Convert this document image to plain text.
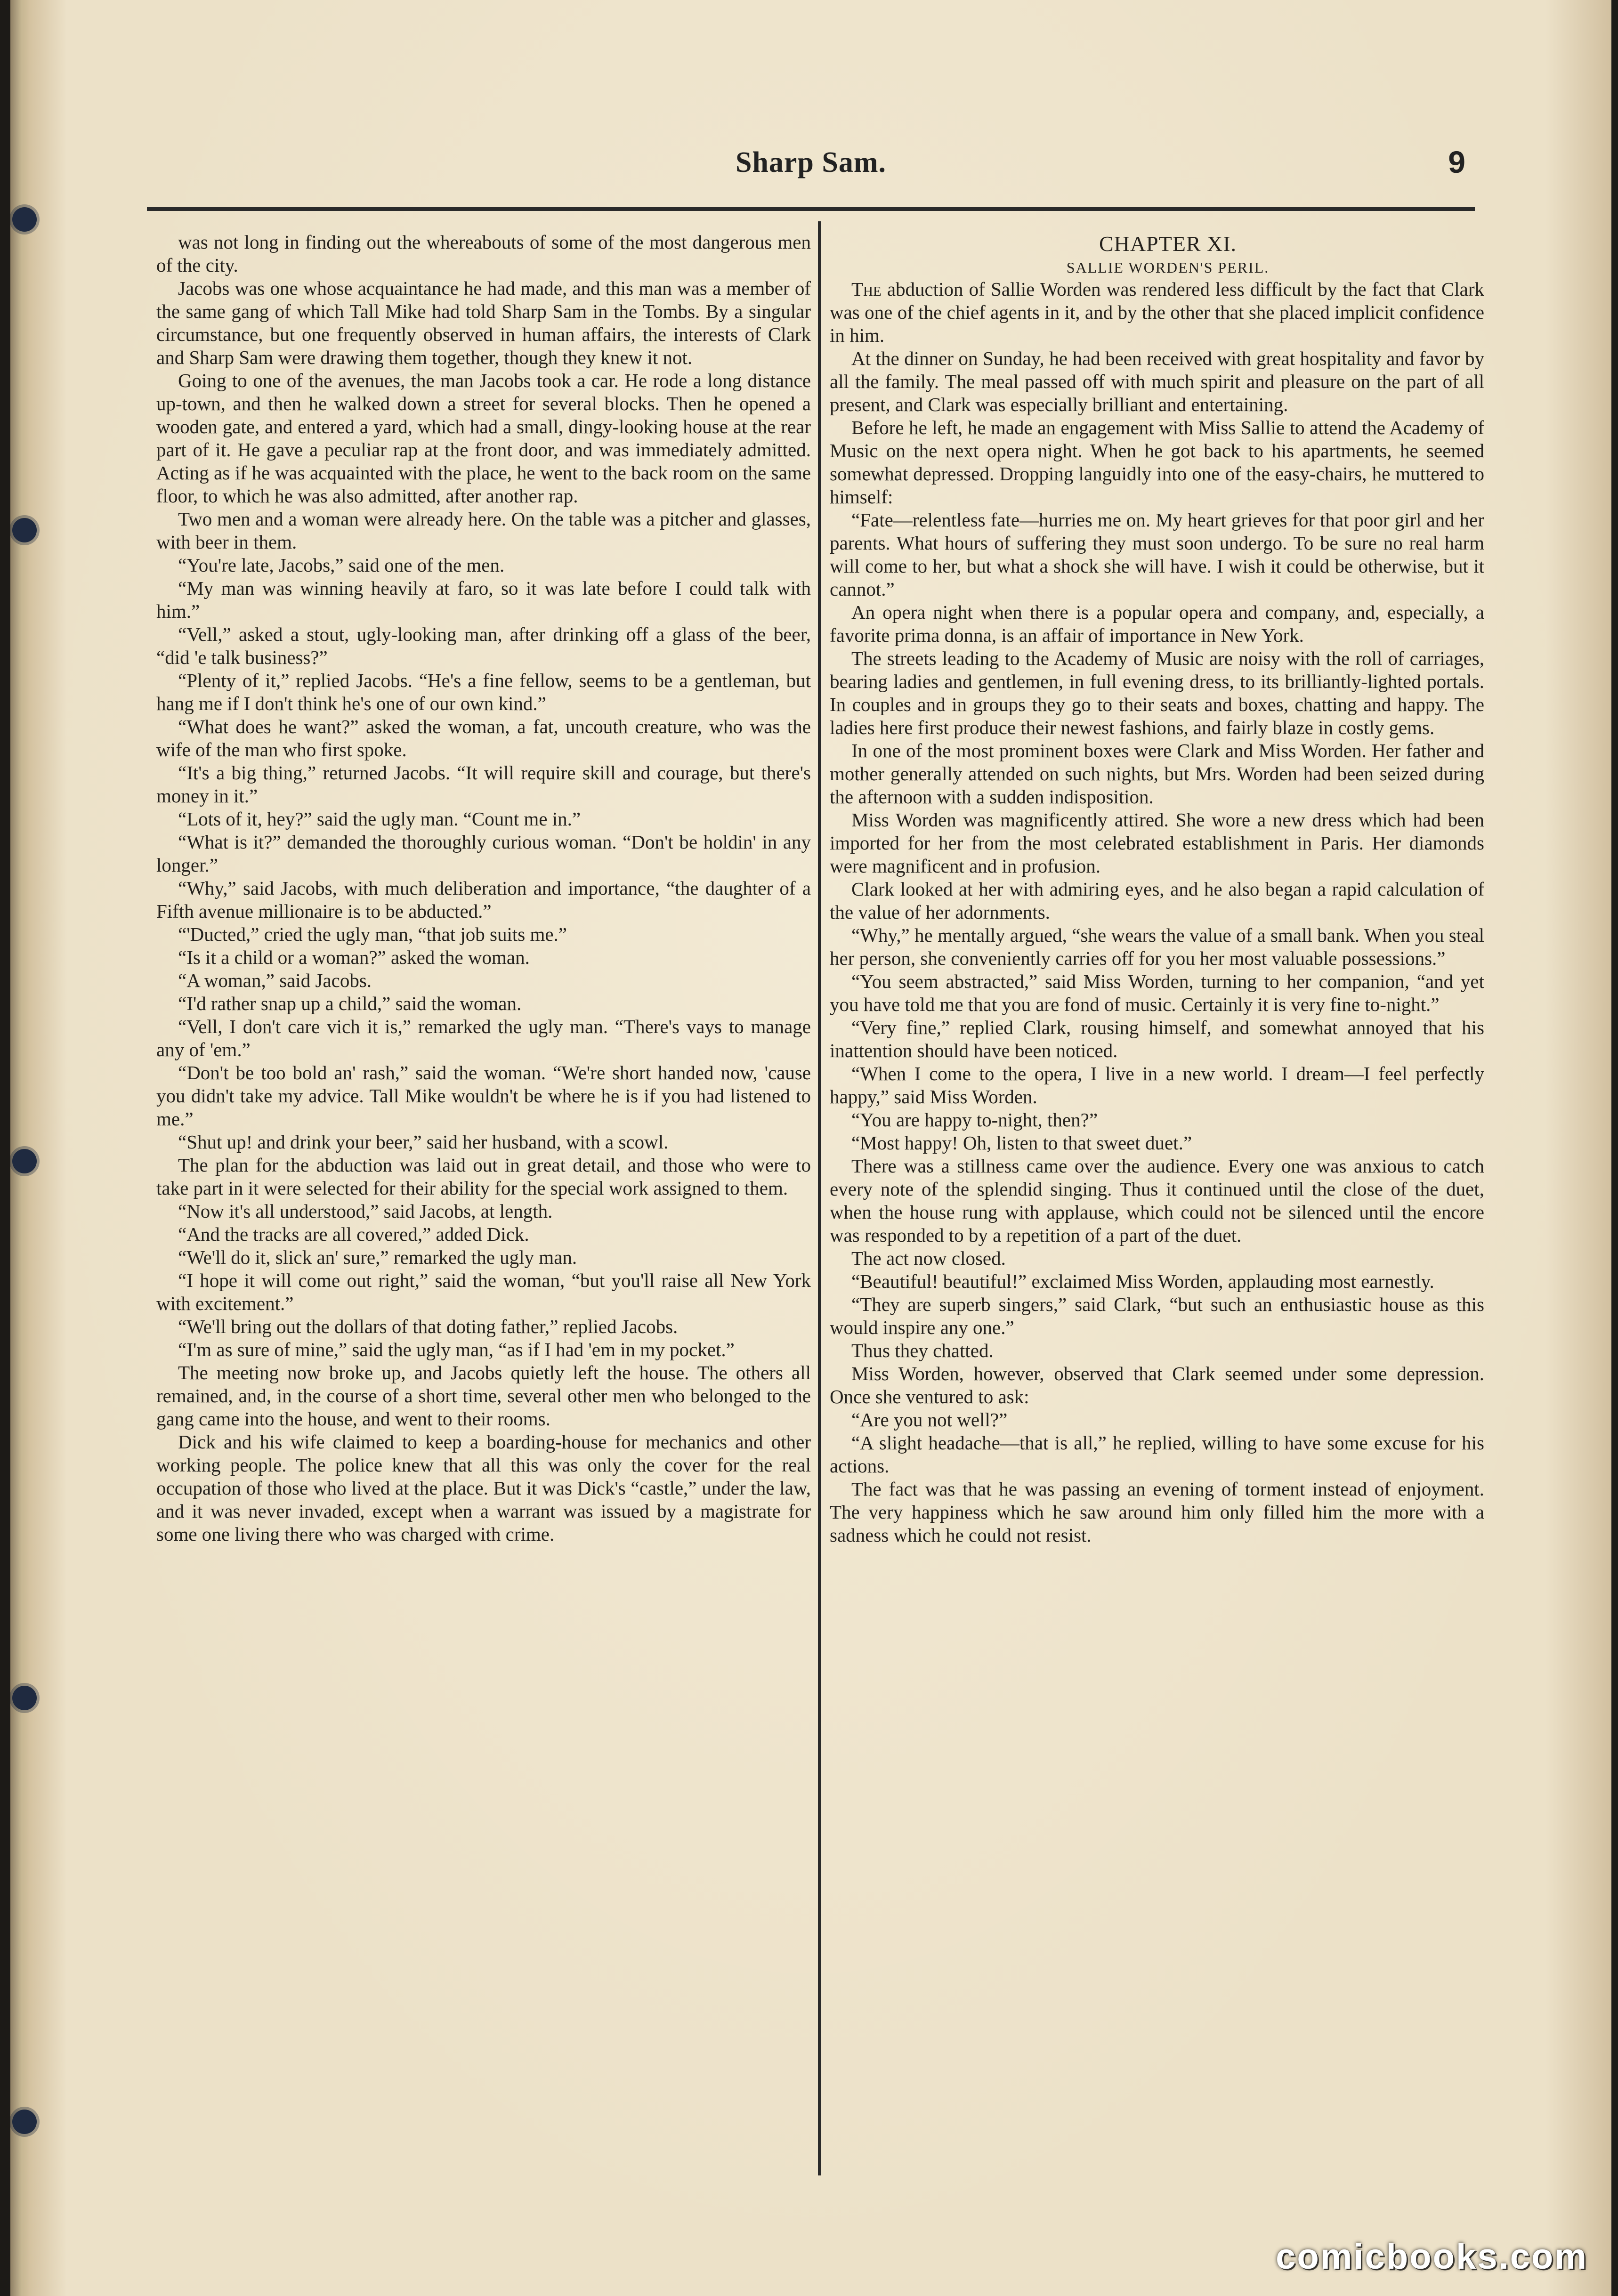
Sharp Sam.	9

was not long in finding out the whereabouts of some of the most dangerous men of the city.

Jacobs was one whose acquaintance he had made, and this man was a member of the same gang of which Tall Mike had told Sharp Sam in the Tombs. By a singular circumstance, but one frequently observed in human affairs, the interests of Clark and Sharp Sam were drawing them together, though they knew it not.

Going to one of the avenues, the man Jacobs took a car. He rode a long distance up-town, and then he walked down a street for several blocks. Then he opened a wooden gate, and entered a yard, which had a small, dingy-looking house at the rear part of it. He gave a peculiar rap at the front door, and was immediately admitted. Acting as if he was acquainted with the place, he went to the back room on the same floor, to which he was also admitted, after another rap.

Two men and a woman were already here. On the table was a pitcher and glasses, with beer in them.

“You're late, Jacobs,” said one of the men.

“My man was winning heavily at faro, so it was late before I could talk with him.”

“Vell,” asked a stout, ugly-looking man, after drinking off a glass of the beer, “did 'e talk business?”

“Plenty of it,” replied Jacobs. “He's a fine fellow, seems to be a gentleman, but hang me if I don't think he's one of our own kind.”

“What does he want?” asked the woman, a fat, uncouth creature, who was the wife of the man who first spoke.

“It's a big thing,” returned Jacobs. “It will require skill and courage, but there's money in it.”

“Lots of it, hey?” said the ugly man. “Count me in.”

“What is it?” demanded the thoroughly curious woman. “Don't be holdin' in any longer.”

“Why,” said Jacobs, with much deliberation and importance, “the daughter of a Fifth avenue millionaire is to be abducted.”

“'Ducted,” cried the ugly man, “that job suits me.”

“Is it a child or a woman?” asked the woman.

“A woman,” said Jacobs.

“I'd rather snap up a child,” said the woman.

“Vell, I don't care vich it is,” remarked the ugly man. “There's vays to manage any of 'em.”

“Don't be too bold an' rash,” said the woman. “We're short handed now, 'cause you didn't take my advice. Tall Mike wouldn't be where he is if you had listened to me.”

“Shut up! and drink your beer,” said her husband, with a scowl.

The plan for the abduction was laid out in great detail, and those who were to take part in it were selected for their ability for the special work assigned to them.

“Now it's all understood,” said Jacobs, at length.

“And the tracks are all covered,” added Dick.

“We'll do it, slick an' sure,” remarked the ugly man.

“I hope it will come out right,” said the woman, “but you'll raise all New York with excitement.”

“We'll bring out the dollars of that doting father,” replied Jacobs.

“I'm as sure of mine,” said the ugly man, “as if I had 'em in my pocket.”

The meeting now broke up, and Jacobs quietly left the house. The others all remained, and, in the course of a short time, several other men who belonged to the gang came into the house, and went to their rooms.

Dick and his wife claimed to keep a boarding-house for mechanics and other working people. The police knew that all this was only the cover for the real occupation of those who lived at the place. But it was Dick's “castle,” under the law, and it was never invaded, except when a warrant was issued by a magistrate for some one living there who was charged with crime.

CHAPTER XI.

SALLIE WORDEN'S PERIL.

The abduction of Sallie Worden was rendered less difficult by the fact that Clark was one of the chief agents in it, and by the other that she placed implicit confidence in him.

At the dinner on Sunday, he had been received with great hospitality and favor by all the family. The meal passed off with much spirit and pleasure on the part of all present, and Clark was especially brilliant and entertaining.

Before he left, he made an engagement with Miss Sallie to attend the Academy of Music on the next opera night. When he got back to his apartments, he seemed somewhat depressed. Dropping languidly into one of the easy-chairs, he muttered to himself:

“Fate—relentless fate—hurries me on. My heart grieves for that poor girl and her parents. What hours of suffering they must soon undergo. To be sure no real harm will come to her, but what a shock she will have. I wish it could be otherwise, but it cannot.”

An opera night when there is a popular opera and company, and, especially, a favorite prima donna, is an affair of importance in New York.

The streets leading to the Academy of Music are noisy with the roll of carriages, bearing ladies and gentlemen, in full evening dress, to its brilliantly-lighted portals. In couples and in groups they go to their seats and boxes, chatting and happy. The ladies here first produce their newest fashions, and fairly blaze in costly gems.

In one of the most prominent boxes were Clark and Miss Worden. Her father and mother generally attended on such nights, but Mrs. Worden had been seized during the afternoon with a sudden indisposition.

Miss Worden was magnificently attired. She wore a new dress which had been imported for her from the most celebrated establishment in Paris. Her diamonds were magnificent and in profusion.

Clark looked at her with admiring eyes, and he also began a rapid calculation of the value of her adornments.

“Why,” he mentally argued, “she wears the value of a small bank. When you steal her person, she conveniently carries off for you her most valuable possessions.”

“You seem abstracted,” said Miss Worden, turning to her companion, “and yet you have told me that you are fond of music. Certainly it is very fine to-night.”

“Very fine,” replied Clark, rousing himself, and somewhat annoyed that his inattention should have been noticed.

“When I come to the opera, I live in a new world. I dream—I feel perfectly happy,” said Miss Worden.

“You are happy to-night, then?”

“Most happy! Oh, listen to that sweet duet.”

There was a stillness came over the audience. Every one was anxious to catch every note of the splendid singing. Thus it continued until the close of the duet, when the house rung with applause, which could not be silenced until the encore was responded to by a repetition of a part of the duet.

The act now closed.

“Beautiful! beautiful!” exclaimed Miss Worden, applauding most earnestly.

“They are superb singers,” said Clark, “but such an enthusiastic house as this would inspire any one.”

Thus they chatted.

Miss Worden, however, observed that Clark seemed under some depression. Once she ventured to ask:

“Are you not well?”

“A slight headache—that is all,” he replied, willing to have some excuse for his actions.

The fact was that he was passing an evening of torment instead of enjoyment. The very happiness which he saw around him only filled him the more with a sadness which he could not resist.

comicbooks.com
